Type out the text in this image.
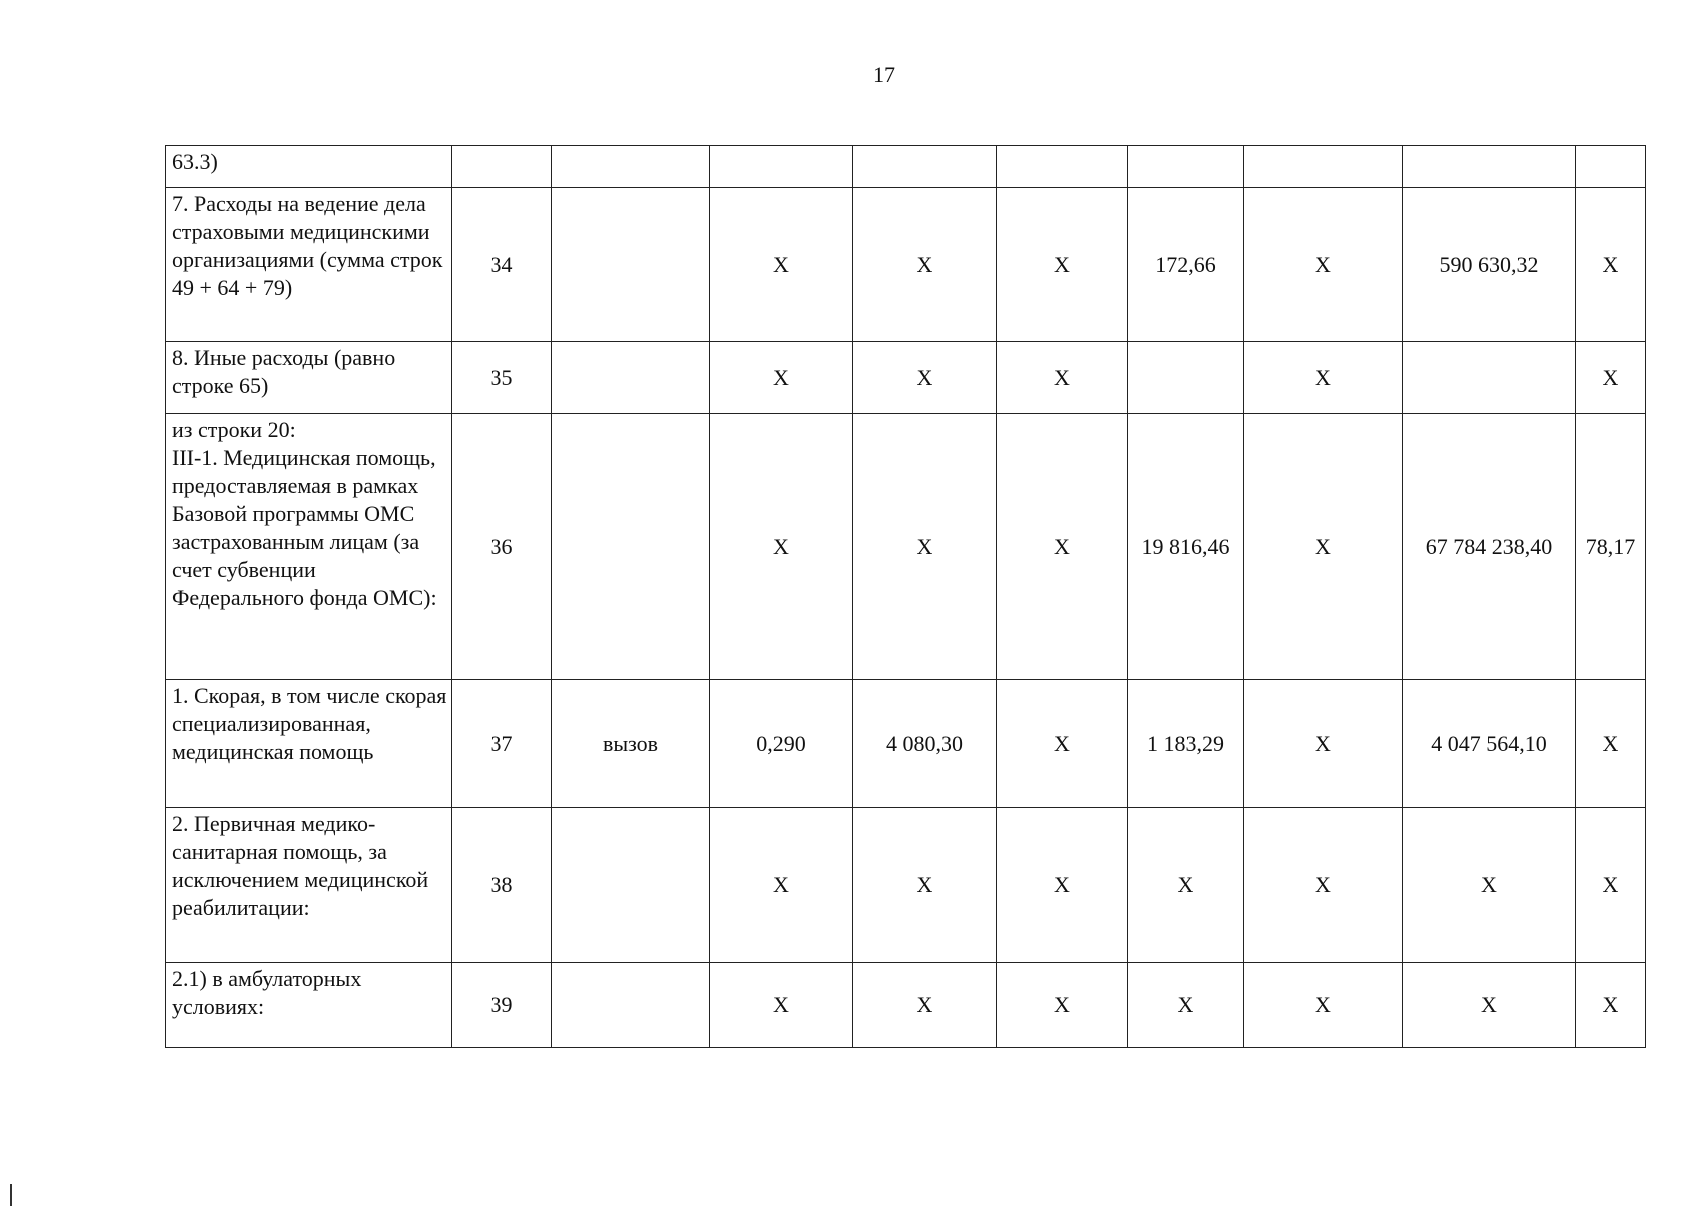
17
63.3)									
7. Расходы на ведение дела страховыми медицинскими организациями (сумма строк 49 + 64 + 79)	34		X	X	X	172,66	X	590 630,32	X
8. Иные расходы (равно строке 65)	35		X	X	X		X		X
из строки 20:
III-1. Медицинская помощь, предоставляемая в рамках Базовой программы ОМС застрахованным лицам (за счет субвенции Федерального фонда ОМС):	36		X	X	X	19 816,46	X	67 784 238,40	78,17
1. Скорая, в том числе скорая специализированная, медицинская помощь	37	вызов	0,290	4 080,30	X	1 183,29	X	4 047 564,10	X
2. Первичная медико-санитарная помощь, за исключением медицинской реабилитации:	38		X	X	X	X	X	X	X
2.1) в амбулаторных условиях:	39		X	X	X	X	X	X	X
